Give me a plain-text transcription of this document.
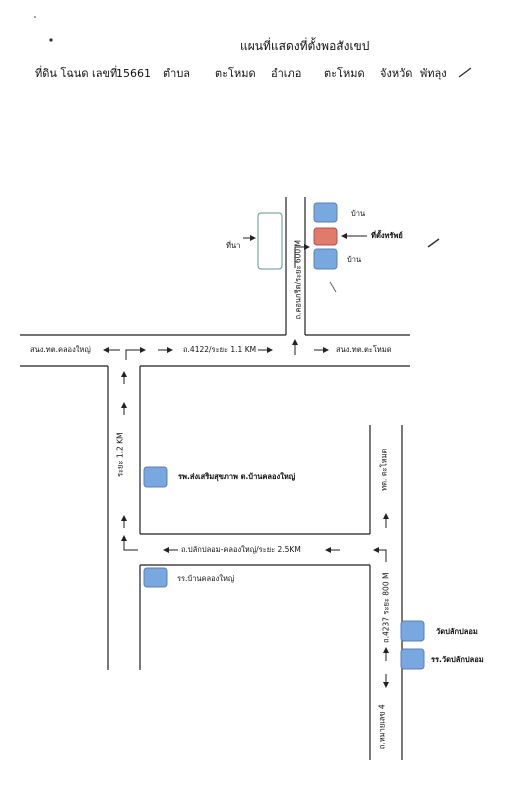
แผนที่แสดงที่ตั้งพอสังเขป
ที่ดิน โฉนด เลขที่
15661 ตำบล ตะโหมด อำเภอ ตะโหมด จังหวัด พัทลุง
บ้าน
ที่ตั้งทรัพย์
บ้าน
ที่นา	ถ.คอนกรีต/ระยะ 600 M
สนง.ทต.คลองใหญ่	ถ.4122/ระยะ 1.1 KM	สนง.ทต.ตะโหมด
ระยะ 1.2 KM	รพ.ส่งเสริมสุขภาพ ต.บ้านคลองใหญ่	ทต. ตะโหมด
ถ.ปลักปลอม-คลองใหญ่/ระยะ 2.5KM
รร.บ้านคลองใหญ่	ถ.4237 ระยะ 800 M	วัดปลักปลอม
รร.วัดปลักปลอม
ถ.หมายเลข 4
